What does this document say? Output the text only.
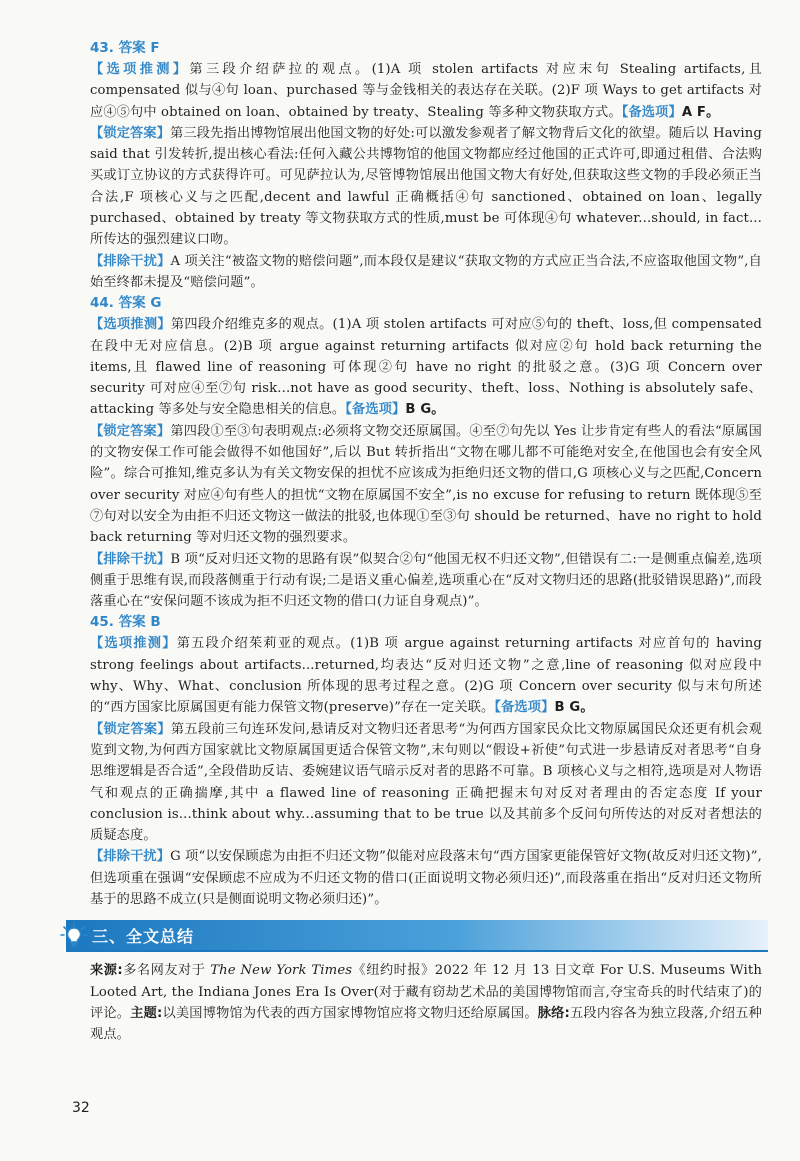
43. 答案 F

【选项推测】第三段介绍萨拉的观点。(1)A 项 stolen artifacts 对应末句 Stealing artifacts,且 compensated 似与④句 loan、purchased 等与金钱相关的表达存在关联。(2)F 项 Ways to get artifacts 对应④⑤句中 obtained on loan、obtained by treaty、Stealing 等多种文物获取方式。【备选项】A F。

【锁定答案】第三段先指出博物馆展出他国文物的好处:可以激发参观者了解文物背后文化的欲望。随后以 Having said that 引发转折,提出核心看法:任何入藏公共博物馆的他国文物都应经过他国的正式许可,即通过租借、合法购买或订立协议的方式获得许可。可见萨拉认为,尽管博物馆展出他国文物大有好处,但获取这些文物的手段必须正当合法,F 项核心义与之匹配,decent and lawful 正确概括④句 sanctioned、obtained on loan、legally purchased、obtained by treaty 等文物获取方式的性质,must be 可体现④句 whatever...should, in fact...所传达的强烈建议口吻。

【排除干扰】A 项关注“被盗文物的赔偿问题”,而本段仅是建议“获取文物的方式应正当合法,不应盗取他国文物”,自始至终都未提及“赔偿问题”。

44. 答案 G

【选项推测】第四段介绍维克多的观点。(1)A 项 stolen artifacts 可对应⑤句的 theft、loss,但 compensated 在段中无对应信息。(2)B 项 argue against returning artifacts 似对应②句 hold back returning the items,且 flawed line of reasoning 可体现②句 have no right 的批驳之意。(3)G 项 Concern over security 可对应④至⑦句 risk...not have as good security、theft、loss、Nothing is absolutely safe、attacking 等多处与安全隐患相关的信息。【备选项】B G。

【锁定答案】第四段①至③句表明观点:必须将文物交还原属国。④至⑦句先以 Yes 让步肯定有些人的看法“原属国的文物安保工作可能会做得不如他国好”,后以 But 转折指出“文物在哪儿都不可能绝对安全,在他国也会有安全风险”。综合可推知,维克多认为有关文物安保的担忧不应该成为拒绝归还文物的借口,G 项核心义与之匹配,Concern over security 对应④句有些人的担忧“文物在原属国不安全”,is no excuse for refusing to return 既体现⑤至⑦句对以安全为由拒不归还文物这一做法的批驳,也体现①至③句 should be returned、have no right to hold back returning 等对归还文物的强烈要求。

【排除干扰】B 项“反对归还文物的思路有误”似契合②句“他国无权不归还文物”,但错误有二:一是侧重点偏差,选项侧重于思维有误,而段落侧重于行动有误;二是语义重心偏差,选项重心在“反对文物归还的思路(批驳错误思路)”,而段落重心在“安保问题不该成为拒不归还文物的借口(力证自身观点)”。

45. 答案 B

【选项推测】第五段介绍茱莉亚的观点。(1)B 项 argue against returning artifacts 对应首句的 having strong feelings about artifacts...returned,均表达“反对归还文物”之意,line of reasoning 似对应段中 why、Why、What、conclusion 所体现的思考过程之意。(2)G 项 Concern over security 似与末句所述的“西方国家比原属国更有能力保管文物(preserve)”存在一定关联。【备选项】B G。

【锁定答案】第五段前三句连环发问,悬请反对文物归还者思考“为何西方国家民众比文物原属国民众还更有机会观览到文物,为何西方国家就比文物原属国更适合保管文物”,末句则以“假设+祈使”句式进一步悬请反对者思考“自身思维逻辑是否合适”,全段借助反诘、委婉建议语气暗示反对者的思路不可靠。B 项核心义与之相符,选项是对人物语气和观点的正确揣摩,其中 a flawed line of reasoning 正确把握末句对反对者理由的否定态度 If your conclusion is...think about why...assuming that to be true 以及其前多个反问句所传达的对反对者想法的质疑态度。

【排除干扰】G 项“以安保顾虑为由拒不归还文物”似能对应段落末句“西方国家更能保管好文物(故反对归还文物)”,但选项重在强调“安保顾虑不应成为不归还文物的借口(正面说明文物必须归还)”,而段落重在指出“反对归还文物所基于的思路不成立(只是侧面说明文物必须归还)”。

三、全文总结

来源:多名网友对于 The New York Times《纽约时报》2022 年 12 月 13 日文章 For U.S. Museums With Looted Art, the Indiana Jones Era Is Over(对于藏有窃劫艺术品的美国博物馆而言,夺宝奇兵的时代结束了)的评论。主题:以美国博物馆为代表的西方国家博物馆应将文物归还给原属国。脉络:五段内容各为独立段落,介绍五种观点。

32
